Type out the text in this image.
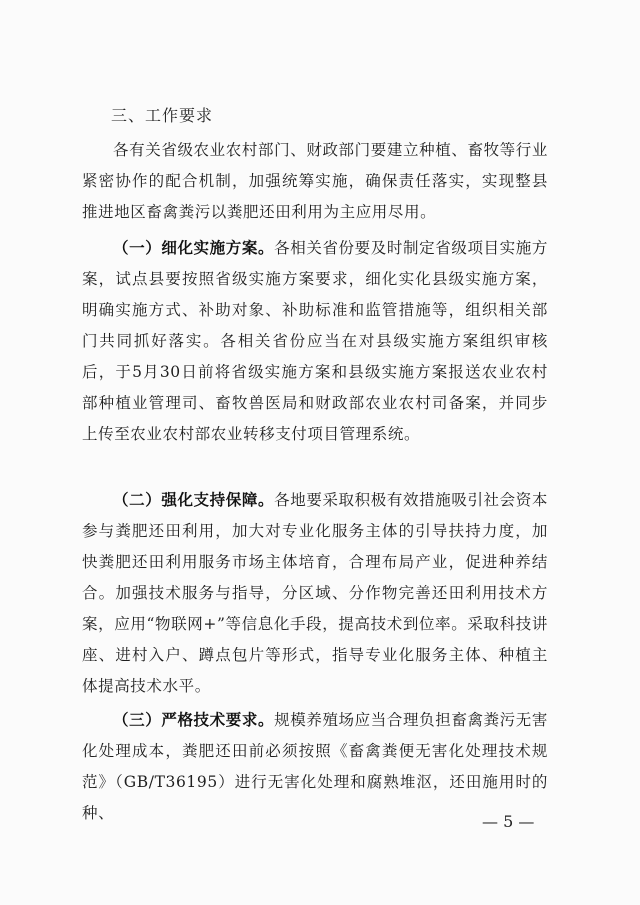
三、工作要求

各有关省级农业农村部门、财政部门要建立种植、畜牧等行业紧密协作的配合机制，加强统筹实施，确保责任落实，实现整县推进地区畜禽粪污以粪肥还田利用为主应用尽用。

（一）细化实施方案。各相关省份要及时制定省级项目实施方案，试点县要按照省级实施方案要求，细化实化县级实施方案，明确实施方式、补助对象、补助标准和监管措施等，组织相关部门共同抓好落实。各相关省份应当在对县级实施方案组织审核后，于5月30日前将省级实施方案和县级实施方案报送农业农村部种植业管理司、畜牧兽医局和财政部农业农村司备案，并同步上传至农业农村部农业转移支付项目管理系统。

（二）强化支持保障。各地要采取积极有效措施吸引社会资本参与粪肥还田利用，加大对专业化服务主体的引导扶持力度，加快粪肥还田利用服务市场主体培育，合理布局产业，促进种养结合。加强技术服务与指导，分区域、分作物完善还田利用技术方案，应用“物联网+”等信息化手段，提高技术到位率。采取科技讲座、进村入户、蹲点包片等形式，指导专业化服务主体、种植主体提高技术水平。

（三）严格技术要求。规模养殖场应当合理负担畜禽粪污无害化处理成本，粪肥还田前必须按照《畜禽粪便无害化处理技术规范》（GB/T36195）进行无害化处理和腐熟堆沤，还田施用时的种、	— 5 —
